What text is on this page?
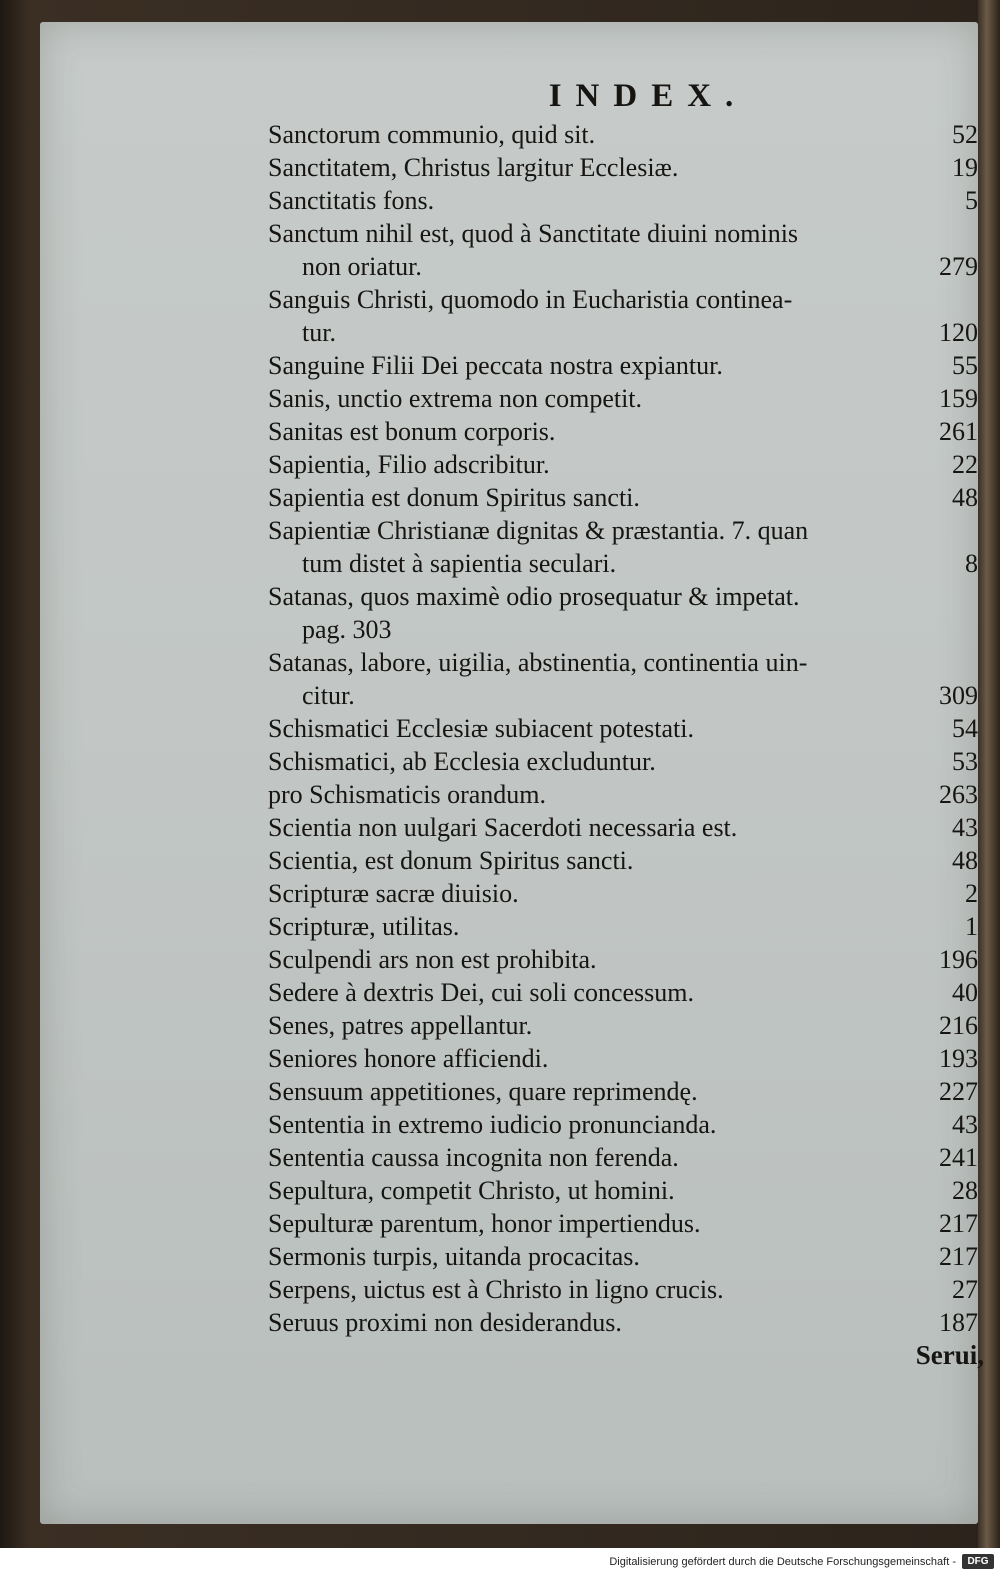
INDEX.
Sanctorum communio, quid sit.	52
Sanctitatem, Christus largitur Ecclesiæ.	19
Sanctitatis fons.	5
Sanctum nihil est, quod à Sanctitate diuini nominis
non oriatur.	279
Sanguis Christi, quomodo in Eucharistia continea-
tur.	120
Sanguine Filii Dei peccata nostra expiantur.	55
Sanis, unctio extrema non competit.	159
Sanitas est bonum corporis.	261
Sapientia, Filio adscribitur.	22
Sapientia est donum Spiritus sancti.	48
Sapientiæ Christianæ dignitas & præstantia. 7. quan
tum distet à sapientia seculari.	8
Satanas, quos maximè odio prosequatur & impetat.
pag. 303
Satanas, labore, uigilia, abstinentia, continentia uin-
citur.	309
Schismatici Ecclesiæ subiacent potestati.	54
Schismatici, ab Ecclesia excluduntur.	53
pro Schismaticis orandum.	263
Scientia non uulgari Sacerdoti necessaria est.	43
Scientia, est donum Spiritus sancti.	48
Scripturæ sacræ diuisio.	2
Scripturæ, utilitas.	1
Sculpendi ars non est prohibita.	196
Sedere à dextris Dei, cui soli concessum.	40
Senes, patres appellantur.	216
Seniores honore afficiendi.	193
Sensuum appetitiones, quare reprimendę.	227
Sententia in extremo iudicio pronuncianda.	43
Sententia caussa incognita non ferenda.	241
Sepultura, competit Christo, ut homini.	28
Sepulturæ parentum, honor impertiendus.	217
Sermonis turpis, uitanda procacitas.	217
Serpens, uictus est à Christo in ligno crucis.	27
Seruus proximi non desiderandus.	187
Serui,
Digitalisierung gefördert durch die Deutsche Forschungsgemeinschaft -	DFG
